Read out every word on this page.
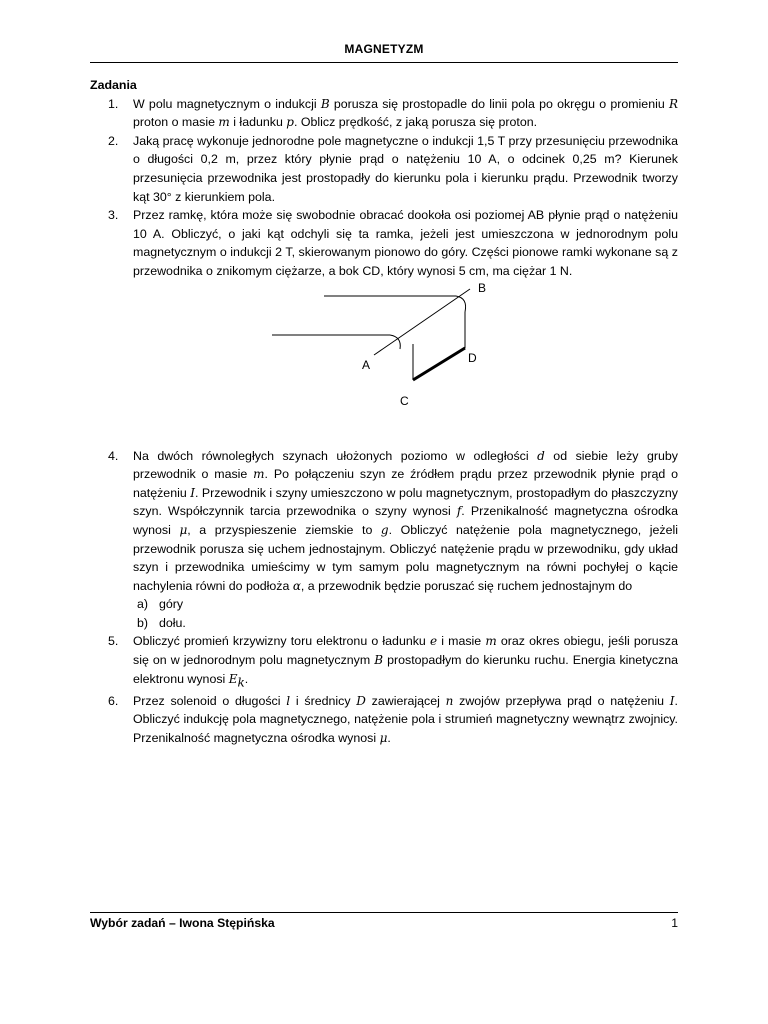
MAGNETYZM

Zadania

1.	W polu magnetycznym o indukcji B porusza się prostopadle do linii pola po okręgu o promieniu R proton o masie m i ładunku p. Oblicz prędkość, z jaką porusza się proton.
2.	Jaką pracę wykonuje jednorodne pole magnetyczne o indukcji 1,5 T przy przesunięciu przewodnika o długości 0,2 m, przez który płynie prąd o natężeniu 10 A, o odcinek 0,25 m? Kierunek przesunięcia przewodnika jest prostopadły do kierunku pola i kierunku prądu. Przewodnik tworzy kąt 30° z kierunkiem pola.
3.	Przez ramkę, która może się swobodnie obracać dookoła osi poziomej AB płynie prąd o natężeniu 10 A. Obliczyć, o jaki kąt odchyli się ta ramka, jeżeli jest umieszczona w jednorodnym polu magnetycznym o indukcji 2 T, skierowanym pionowo do góry. Części pionowe ramki wykonane są z przewodnika o znikomym ciężarze, a bok CD, który wynosi 5 cm, ma ciężar 1 N.
B
A	D
C
4.	Na dwóch równoległych szynach ułożonych poziomo w odległości d od siebie leży gruby przewodnik o masie m. Po połączeniu szyn ze źródłem prądu przez przewodnik płynie prąd o natężeniu I. Przewodnik i szyny umieszczono w polu magnetycznym, prostopadłym do płaszczyzny szyn. Współczynnik tarcia przewodnika o szyny wynosi f. Przenikalność magnetyczna ośrodka wynosi μ, a przyspieszenie ziemskie to g. Obliczyć natężenie pola magnetycznego, jeżeli przewodnik porusza się uchem jednostajnym. Obliczyć natężenie prądu w przewodniku, gdy układ szyn i przewodnika umieścimy w tym samym polu magnetycznym na równi pochyłej o kącie nachylenia równi do podłoża α, a przewodnik będzie poruszać się ruchem jednostajnym do
a) góry
b) dołu.
5.	Obliczyć promień krzywizny toru elektronu o ładunku e i masie m oraz okres obiegu, jeśli porusza się on w jednorodnym polu magnetycznym B prostopadłym do kierunku ruchu. Energia kinetyczna elektronu wynosi $E_k$.
6.	Przez solenoid o długości l i średnicy D zawierającej n zwojów przepływa prąd o natężeniu I. Obliczyć indukcję pola magnetycznego, natężenie pola i strumień magnetyczny wewnątrz zwojnicy. Przenikalność magnetyczna ośrodka wynosi μ.
Wybór zadań – Iwona Stępińska	1
